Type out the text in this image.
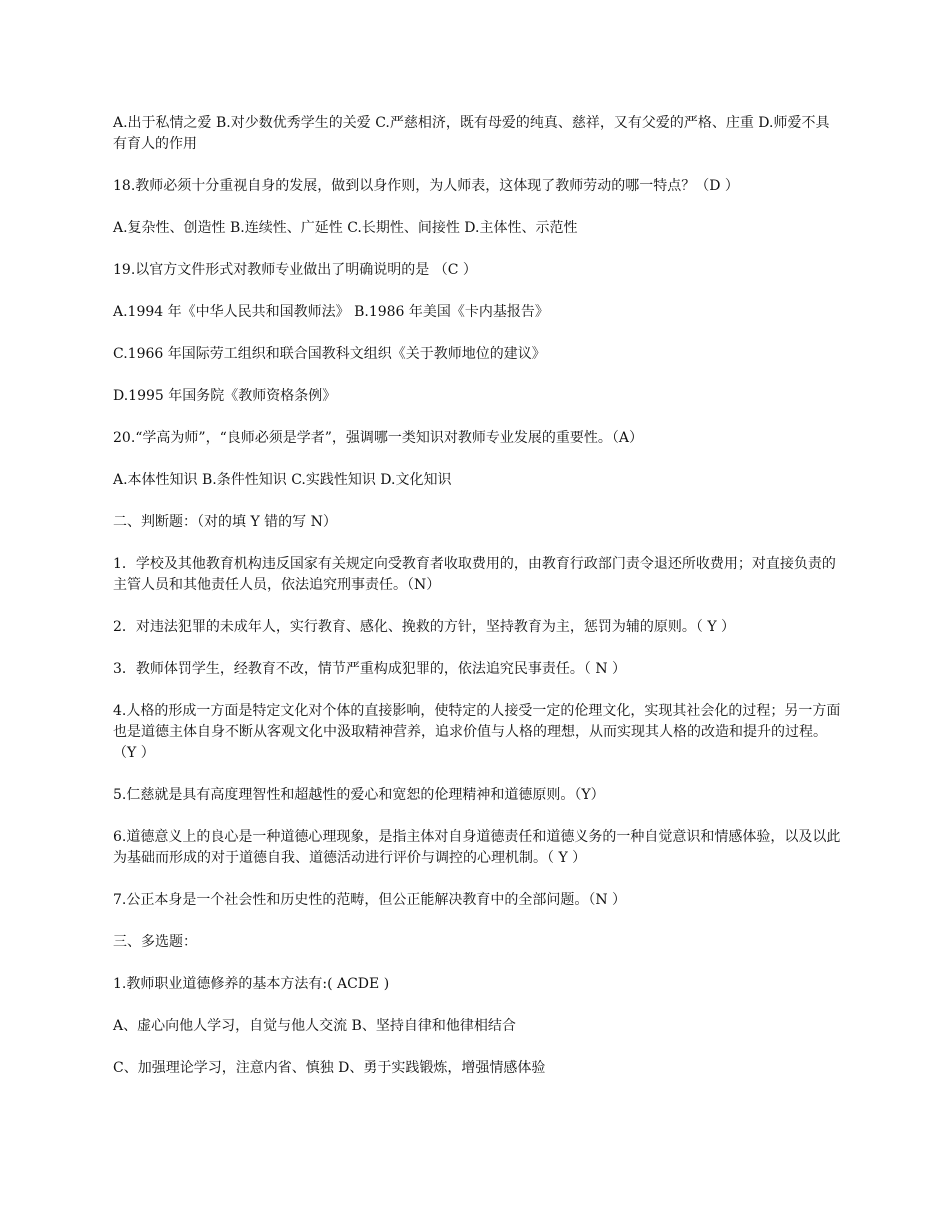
A.出于私情之爱 B.对少数优秀学生的关爱 C.严慈相济，既有母爱的纯真、慈祥，又有父爱的严格、庄重 D.师爱不具有育人的作用

18.教师必须十分重视自身的发展，做到以身作则，为人师表，这体现了教师劳动的哪一特点？（D ）

A.复杂性、创造性 B.连续性、广延性 C.长期性、间接性 D.主体性、示范性

19.以官方文件形式对教师专业做出了明确说明的是 （C ）

A.1994 年《中华人民共和国教师法》 B.1986 年美国《卡内基报告》

C.1966 年国际劳工组织和联合国教科文组织《关于教师地位的建议》

D.1995 年国务院《教师资格条例》

20.“学高为师”，“良师必须是学者”，强调哪一类知识对教师专业发展的重要性。（A）

A.本体性知识 B.条件性知识 C.实践性知识 D.文化知识

二、判断题：（对的填 Y 错的写 N）

1．学校及其他教育机构违反国家有关规定向受教育者收取费用的，由教育行政部门责令退还所收费用；对直接负责的主管人员和其他责任人员，依法追究刑事责任。（N）

2．对违法犯罪的未成年人，实行教育、感化、挽救的方针，坚持教育为主，惩罚为辅的原则。（ Y ）

3．教师体罚学生，经教育不改，情节严重构成犯罪的，依法追究民事责任。（ N ）

4.人格的形成一方面是特定文化对个体的直接影响，使特定的人接受一定的伦理文化，实现其社会化的过程；另一方面也是道德主体自身不断从客观文化中汲取精神营养，追求价值与人格的理想，从而实现其人格的改造和提升的过程。（Y ）

5.仁慈就是具有高度理智性和超越性的爱心和宽恕的伦理精神和道德原则。（Y）

6.道德意义上的良心是一种道德心理现象，是指主体对自身道德责任和道德义务的一种自觉意识和情感体验，以及以此为基础而形成的对于道德自我、道德活动进行评价与调控的心理机制。（ Y ）

7.公正本身是一个社会性和历史性的范畴，但公正能解决教育中的全部问题。（N ）

三、多选题：

1.教师职业道德修养的基本方法有:( ACDE )

A、虚心向他人学习，自觉与他人交流 B、坚持自律和他律相结合

C、加强理论学习，注意内省、慎独 D、勇于实践锻炼，增强情感体验
